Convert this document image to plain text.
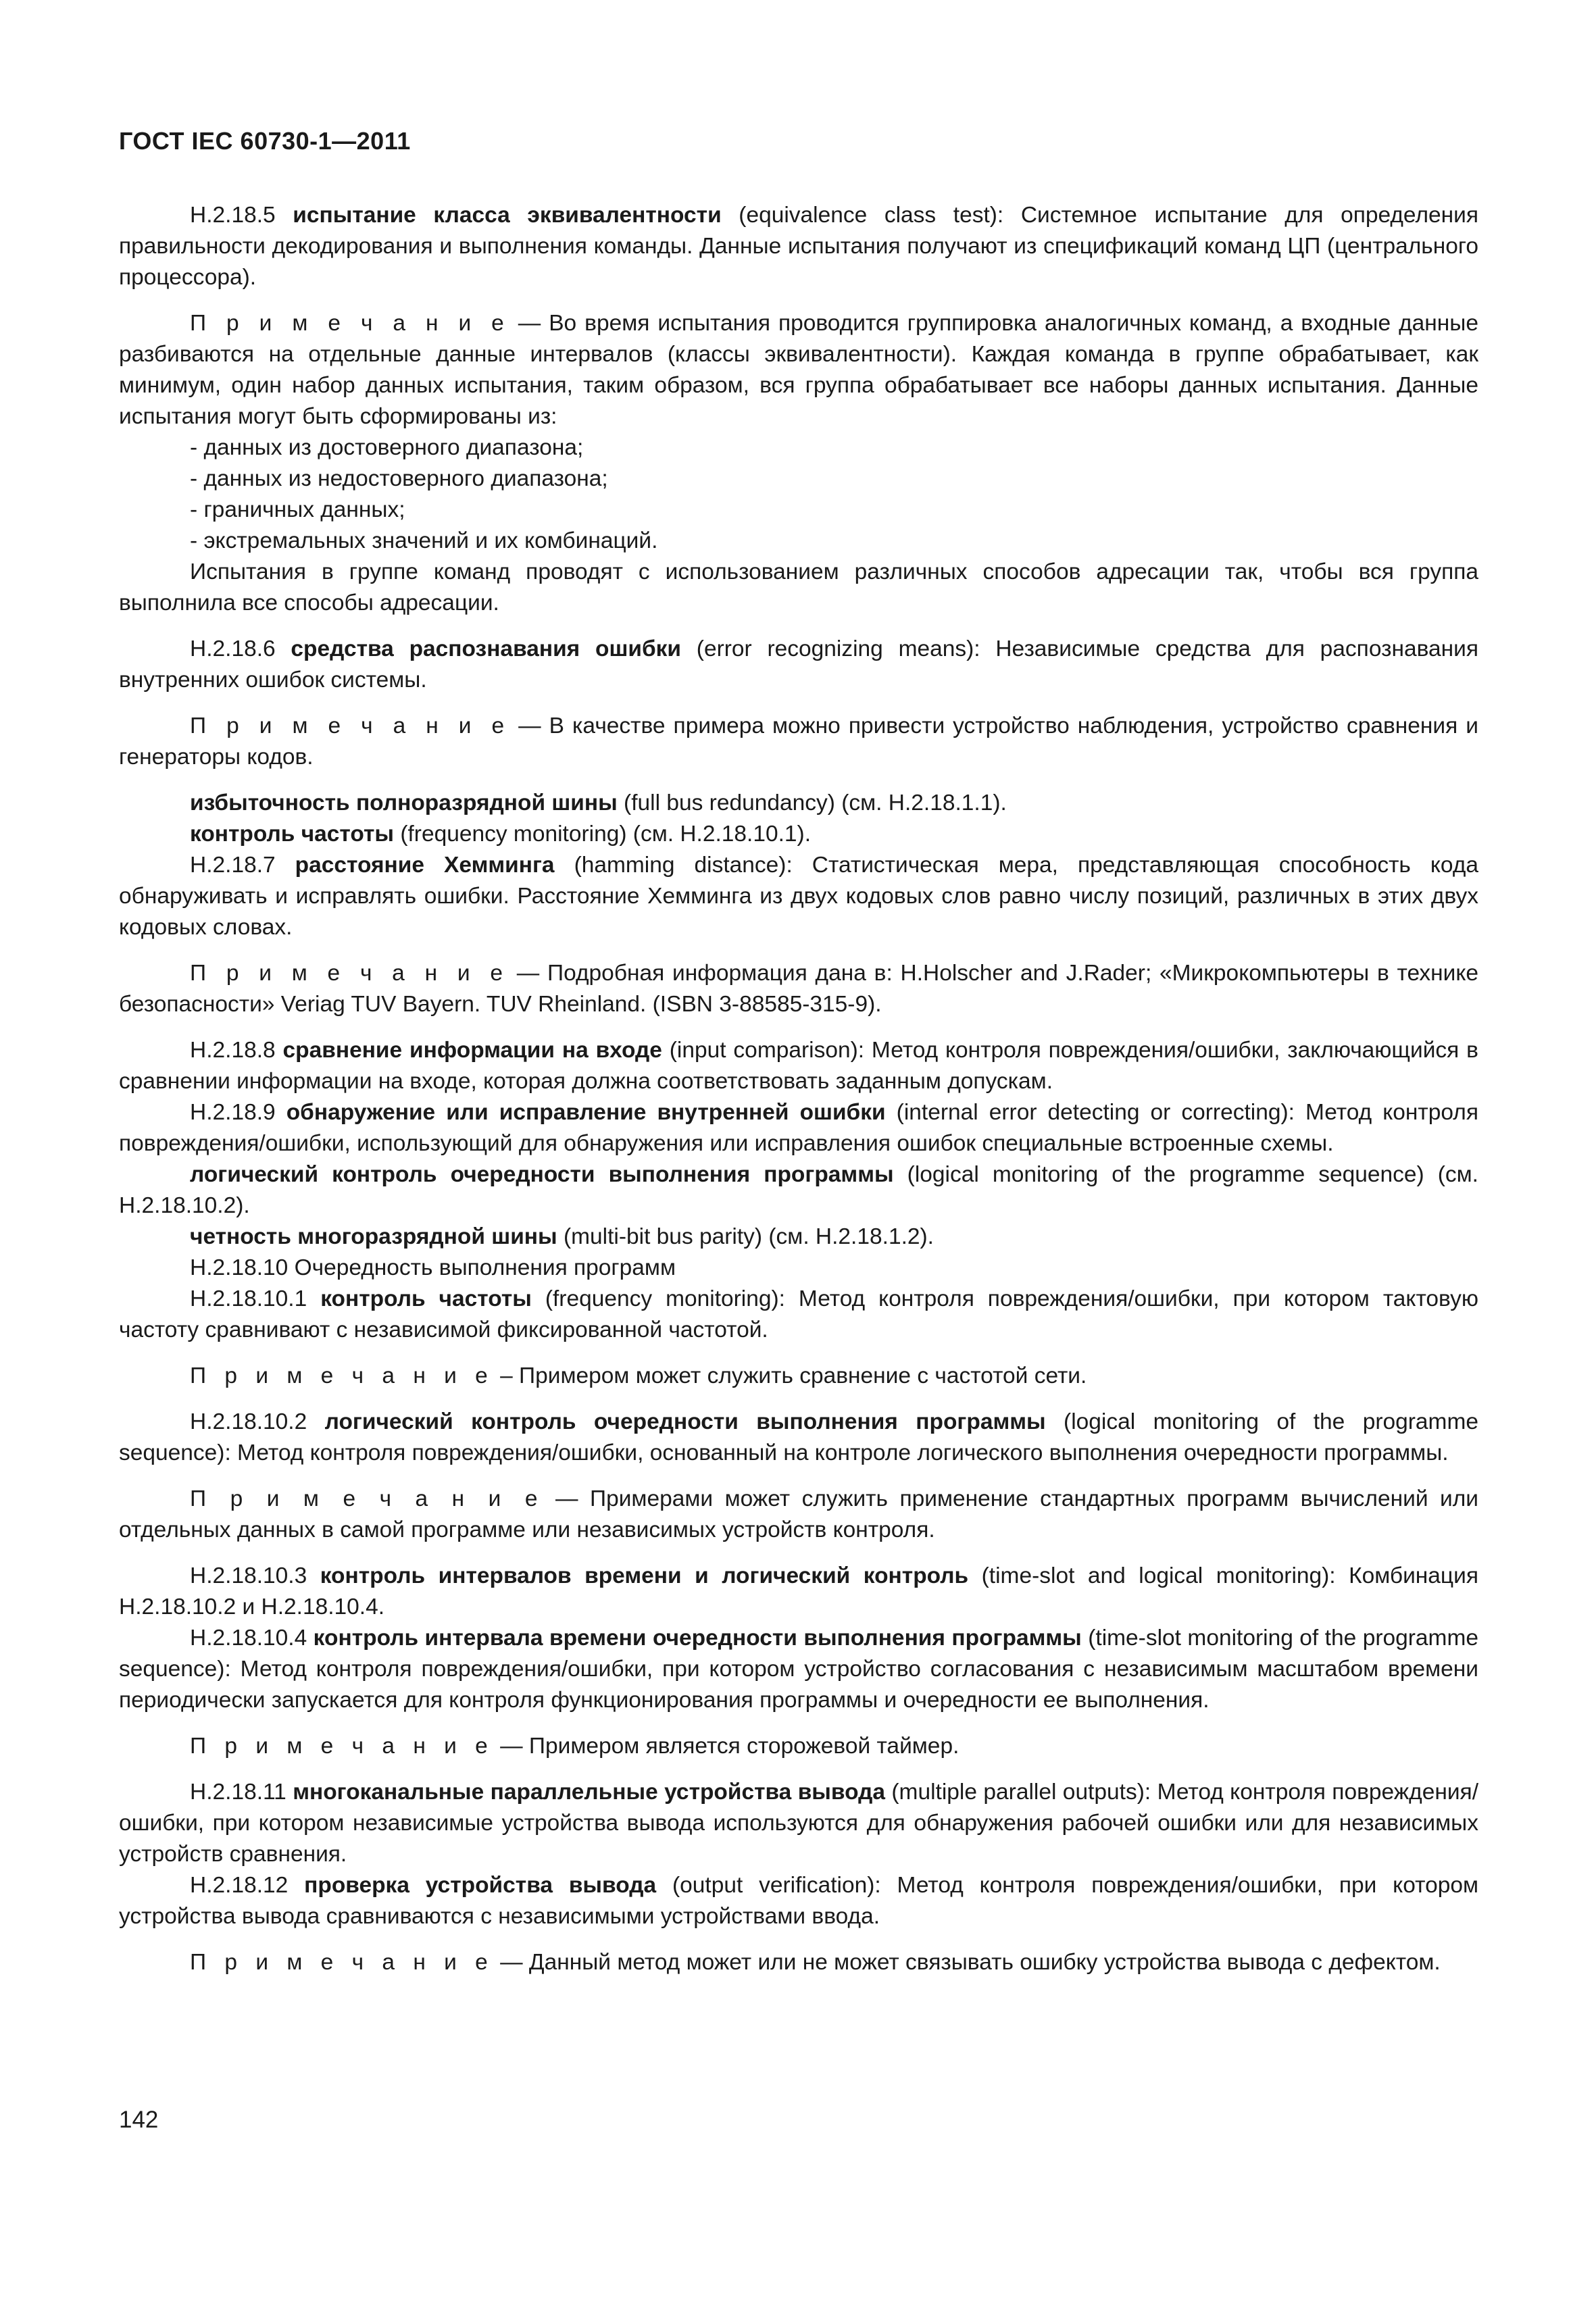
ГОСТ IEC 60730-1—2011

H.2.18.5 испытание класса эквивалентности (equivalence class test): Системное испытание для определения правильности декодирования и выполнения команды. Данные испытания получают из спецификаций команд ЦП (центрального процессора).

П р и м е ч а н и е — Во время испытания проводится группировка аналогичных команд, а входные данные разбиваются на отдельные данные интервалов (классы эквивалентности). Каждая команда в группе обрабатывает, как минимум, один набор данных испытания, таким образом, вся группа обрабатывает все наборы данных испытания. Данные испытания могут быть сформированы из:

- данных из достоверного диапазона;

- данных из недостоверного диапазона;

- граничных данных;

- экстремальных значений и их комбинаций.

Испытания в группе команд проводят с использованием различных способов адресации так, чтобы вся группа выполнила все способы адресации.

H.2.18.6 средства распознавания ошибки (error recognizing means): Независимые средства для распознавания внутренних ошибок системы.

П р и м е ч а н и е — В качестве примера можно привести устройство наблюдения, устройство сравнения и генераторы кодов.

избыточность полноразрядной шины (full bus redundancy) (см. H.2.18.1.1).

контроль частоты (frequency monitoring) (см. H.2.18.10.1).

H.2.18.7 расстояние Хемминга (hamming distance): Статистическая мера, представляющая способность кода обнаруживать и исправлять ошибки. Расстояние Хемминга из двух кодовых слов равно числу позиций, различных в этих двух кодовых словах.

П р и м е ч а н и е — Подробная информация дана в: H.Holscher and J.Rader; «Микрокомпьютеры в технике безопасности» Veriag TUV Bayern. TUV Rheinland. (ISBN 3-88585-315-9).

H.2.18.8 сравнение информации на входе (input comparison): Метод контроля повреждения/ошибки, заключающийся в сравнении информации на входе, которая должна соответствовать заданным допускам.

H.2.18.9 обнаружение или исправление внутренней ошибки (internal error detecting or correcting): Метод контроля повреждения/ошибки, использующий для обнаружения или исправления ошибок специальные встроенные схемы.

логический контроль очередности выполнения программы (logical monitoring of the programme sequence) (см. H.2.18.10.2).

четность многоразрядной шины (multi-bit bus parity) (см. H.2.18.1.2).

H.2.18.10 Очередность выполнения программ

H.2.18.10.1 контроль частоты (frequency monitoring): Метод контроля повреждения/ошибки, при котором тактовую частоту сравнивают с независимой фиксированной частотой.

П р и м е ч а н и е – Примером может служить сравнение с частотой сети.

H.2.18.10.2 логический контроль очередности выполнения программы (logical monitoring of the programme sequence): Метод контроля повреждения/ошибки, основанный на контроле логического выполнения очередности программы.

П р и м е ч а н и е — Примерами может служить применение стандартных программ вычислений или отдельных данных в самой программе или независимых устройств контроля.

H.2.18.10.3 контроль интервалов времени и логический контроль (time-slot and logical monitoring): Комбинация H.2.18.10.2 и H.2.18.10.4.

H.2.18.10.4 контроль интервала времени очередности выполнения программы (time-slot monitoring of the programme sequence): Метод контроля повреждения/ошибки, при котором устройство согласования с независимым масштабом времени периодически запускается для контроля функционирования программы и очередности ее выполнения.

П р и м е ч а н и е — Примером является сторожевой таймер.

H.2.18.11 многоканальные параллельные устройства вывода (multiple parallel outputs): Метод контроля повреждения/ошибки, при котором независимые устройства вывода используются для обнаружения рабочей ошибки или для независимых устройств сравнения.

H.2.18.12 проверка устройства вывода (output verification): Метод контроля повреждения/ошибки, при котором устройства вывода сравниваются с независимыми устройствами ввода.

П р и м е ч а н и е — Данный метод может или не может связывать ошибку устройства вывода с дефектом.

142
